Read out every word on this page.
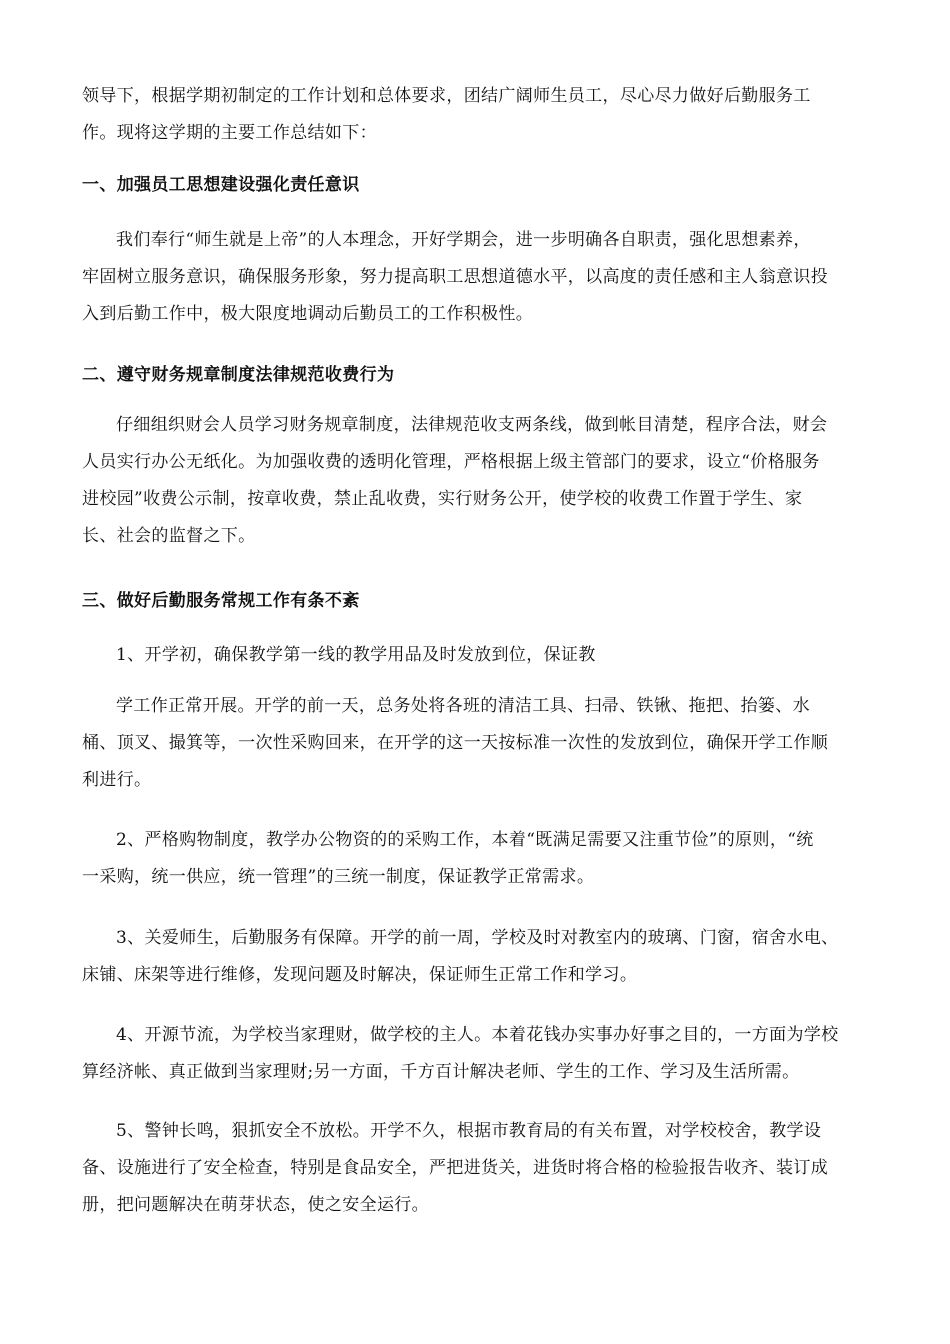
领导下，根据学期初制定的工作计划和总体要求，团结广阔师生员工，尽心尽力做好后勤服务工
作。现将这学期的主要工作总结如下：
一、加强员工思想建设强化责任意识
我们奉行“师生就是上帝”的人本理念，开好学期会，进一步明确各自职责，强化思想素养，
牢固树立服务意识，确保服务形象，努力提高职工思想道德水平，以高度的责任感和主人翁意识投
入到后勤工作中，极大限度地调动后勤员工的工作积极性。
二、遵守财务规章制度法律规范收费行为
仔细组织财会人员学习财务规章制度，法律规范收支两条线，做到帐目清楚，程序合法，财会
人员实行办公无纸化。为加强收费的透明化管理，严格根据上级主管部门的要求，设立“价格服务
进校园”收费公示制，按章收费，禁止乱收费，实行财务公开，使学校的收费工作置于学生、家
长、社会的监督之下。
三、做好后勤服务常规工作有条不紊
1、开学初，确保教学第一线的教学用品及时发放到位，保证教
学工作正常开展。开学的前一天，总务处将各班的清洁工具、扫帚、铁锹、拖把、抬篓、水
桶、顶叉、撮箕等，一次性采购回来，在开学的这一天按标准一次性的发放到位，确保开学工作顺
利进行。
2、严格购物制度，教学办公物资的的采购工作，本着“既满足需要又注重节俭”的原则，“统
一采购，统一供应，统一管理”的三统一制度，保证教学正常需求。
3、关爱师生，后勤服务有保障。开学的前一周，学校及时对教室内的玻璃、门窗，宿舍水电、
床铺、床架等进行维修，发现问题及时解决，保证师生正常工作和学习。
4、开源节流，为学校当家理财，做学校的主人。本着花钱办实事办好事之目的，一方面为学校
算经济帐、真正做到当家理财;另一方面，千方百计解决老师、学生的工作、学习及生活所需。
5、警钟长鸣，狠抓安全不放松。开学不久，根据市教育局的有关布置，对学校校舍，教学设
备、设施进行了安全检查，特别是食品安全，严把进货关，进货时将合格的检验报告收齐、装订成
册，把问题解决在萌芽状态，使之安全运行。
